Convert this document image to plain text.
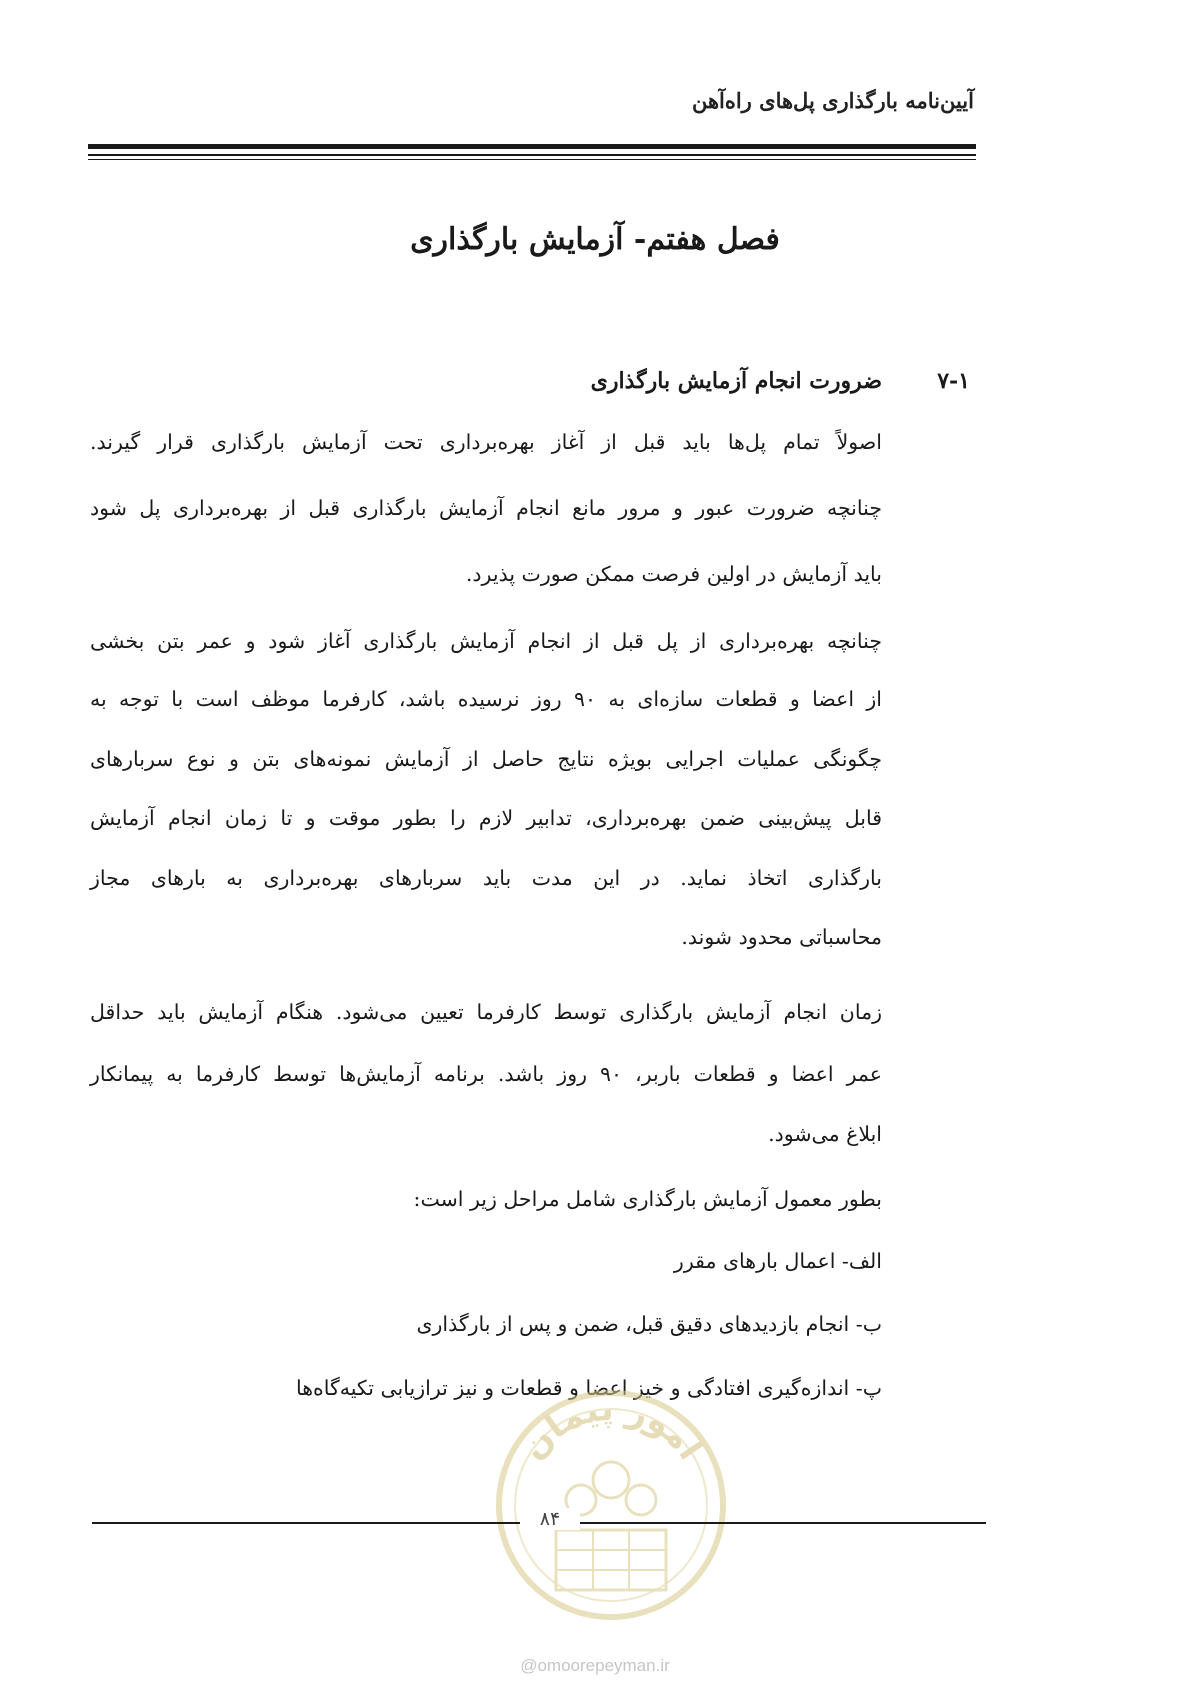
آیین‌نامه بارگذاری پل‌های راه‌آهن
فصل هفتم- آزمایش بارگذاری
۷-۱
ضرورت انجام آزمایش بارگذاری
اصولاً تمام پل‌ها باید قبل از آغاز بهره‌برداری تحت آزمایش بارگذاری قرار گیرند.
چنانچه ضرورت عبور و مرور مانع انجام آزمایش بارگذاری قبل از بهره‌برداری پل شود
باید آزمایش در اولین فرصت ممکن صورت پذیرد.
چنانچه بهره‌برداری از پل قبل از انجام آزمایش بارگذاری آغاز شود و عمر بتن بخشی
از اعضا و قطعات سازه‌ای به ۹۰ روز نرسیده باشد، کارفرما موظف است با توجه به
چگونگی عملیات اجرایی بویژه نتایج حاصل از آزمایش نمونه‌های بتن و نوع سربارهای
قابل پیش‌بینی ضمن بهره‌برداری، تدابیر لازم را بطور موقت و تا زمان انجام آزمایش
بارگذاری اتخاذ نماید. در این مدت باید سربارهای بهره‌برداری به بارهای مجاز
محاسباتی محدود شوند.
زمان انجام آزمایش بارگذاری توسط کارفرما تعیین می‌شود. هنگام آزمایش باید حداقل
عمر اعضا و قطعات باربر، ۹۰ روز باشد. برنامه آزمایش‌ها توسط کارفرما به پیمانکار
ابلاغ می‌شود.
بطور معمول آزمایش بارگذاری شامل مراحل زیر است:
الف- اعمال بارهای مقرر
ب- انجام بازدیدهای دقیق قبل، ضمن و پس از بارگذاری
پ- اندازه‌گیری افتادگی و خیز اعضا و قطعات و نیز ترازیابی تکیه‌گاه‌ها
امور پیمان
۸۴
@omoorepeyman.ir
